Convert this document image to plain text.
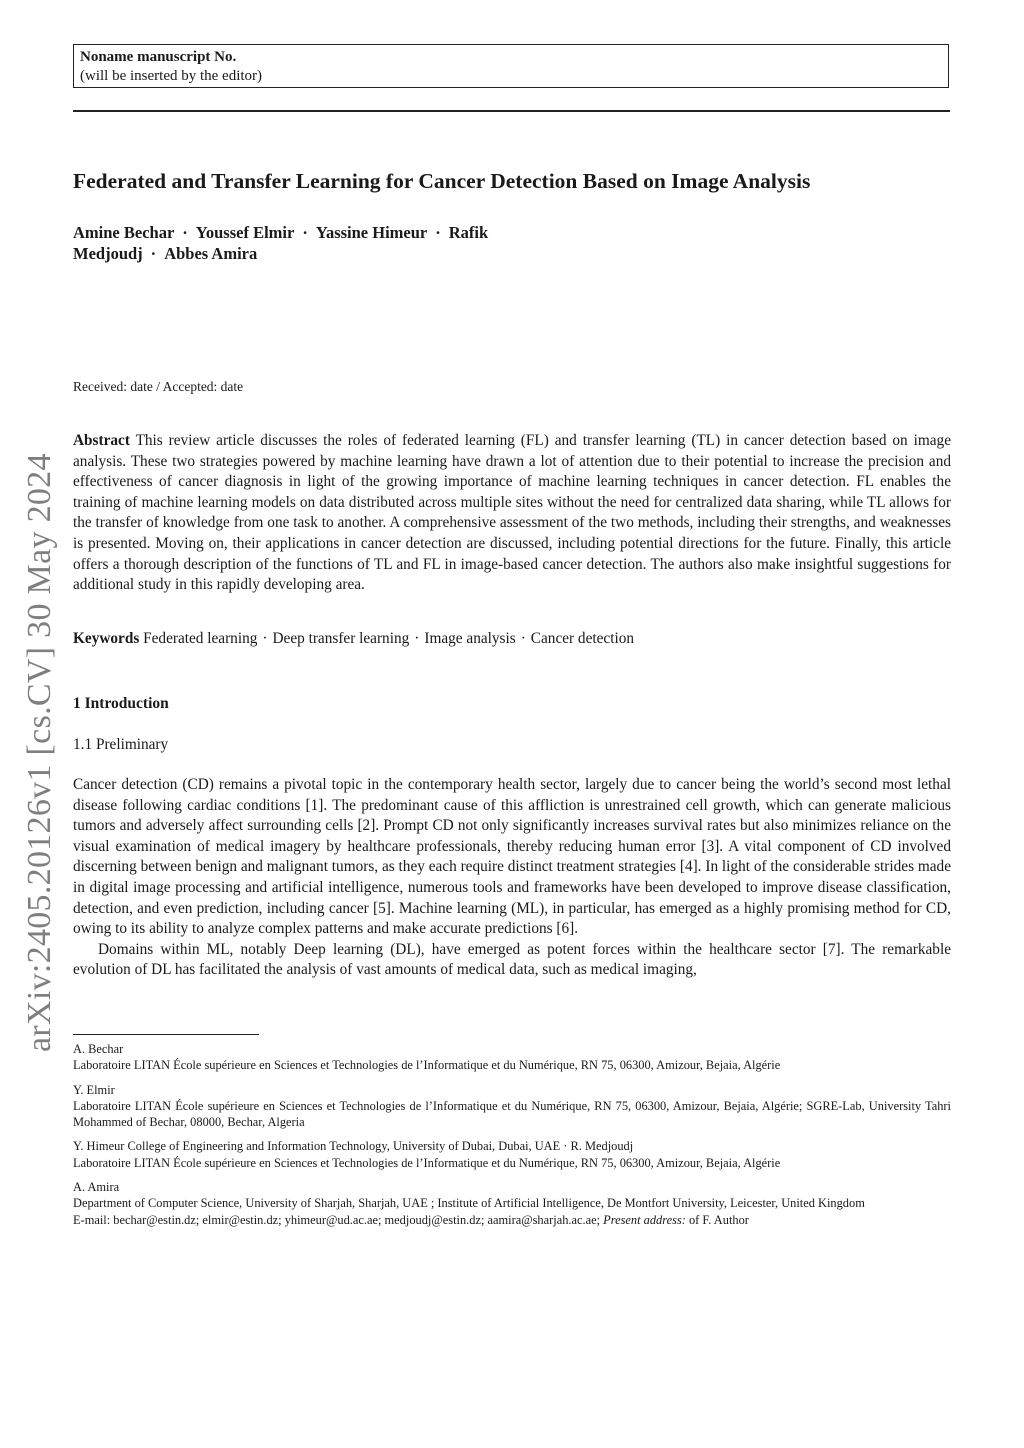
arXiv:2405.20126v1 [cs.CV] 30 May 2024
Noname manuscript No.
(will be inserted by the editor)
Federated and Transfer Learning for Cancer Detection Based on Image Analysis
Amine Bechar · Youssef Elmir · Yassine Himeur · Rafik
Medjoudj · Abbes Amira
Received: date / Accepted: date
Abstract This review article discusses the roles of federated learning (FL) and transfer learning (TL) in cancer detection based on image analysis. These two strategies powered by machine learning have drawn a lot of attention due to their potential to increase the precision and effectiveness of cancer diagnosis in light of the growing importance of machine learning techniques in cancer detection. FL enables the training of machine learning models on data distributed across multiple sites without the need for centralized data sharing, while TL allows for the transfer of knowledge from one task to another. A comprehensive assessment of the two methods, including their strengths, and weaknesses is presented. Moving on, their applications in cancer detection are discussed, including potential directions for the future. Finally, this article offers a thorough description of the functions of TL and FL in image-based cancer detection. The authors also make insightful suggestions for additional study in this rapidly developing area.
Keywords Federated learning · Deep transfer learning · Image analysis · Cancer detection
1 Introduction
1.1 Preliminary

Cancer detection (CD) remains a pivotal topic in the contemporary health sector, largely due to cancer being the world’s second most lethal disease following cardiac conditions [1]. The predominant cause of this affliction is unrestrained cell growth, which can generate malicious tumors and adversely affect surrounding cells [2]. Prompt CD not only significantly increases survival rates but also minimizes reliance on the visual examination of medical imagery by healthcare professionals, thereby reducing human error [3]. A vital component of CD involved discerning between benign and malignant tumors, as they each require distinct treatment strategies [4]. In light of the considerable strides made in digital image processing and artificial intelligence, numerous tools and frameworks have been developed to improve disease classification, detection, and even prediction, including cancer [5]. Machine learning (ML), in particular, has emerged as a highly promising method for CD, owing to its ability to analyze complex patterns and make accurate predictions [6].

Domains within ML, notably Deep learning (DL), have emerged as potent forces within the healthcare sector [7]. The remarkable evolution of DL has facilitated the analysis of vast amounts of medical data, such as medical imaging,

A. Bechar
Laboratoire LITAN École supérieure en Sciences et Technologies de l’Informatique et du Numérique, RN 75, 06300, Amizour, Bejaia, Algérie
Y. Elmir
Laboratoire LITAN École supérieure en Sciences et Technologies de l’Informatique et du Numérique, RN 75, 06300, Amizour, Bejaia, Algérie; SGRE-Lab, University Tahri Mohammed of Bechar, 08000, Bechar, Algeria
Y. Himeur College of Engineering and Information Technology, University of Dubai, Dubai, UAE · R. Medjoudj
Laboratoire LITAN École supérieure en Sciences et Technologies de l’Informatique et du Numérique, RN 75, 06300, Amizour, Bejaia, Algérie
A. Amira
Department of Computer Science, University of Sharjah, Sharjah, UAE ; Institute of Artificial Intelligence, De Montfort University, Leicester, United Kingdom
E-mail: bechar@estin.dz; elmir@estin.dz; yhimeur@ud.ac.ae; medjoudj@estin.dz; aamira@sharjah.ac.ae; Present address: of F. Author
